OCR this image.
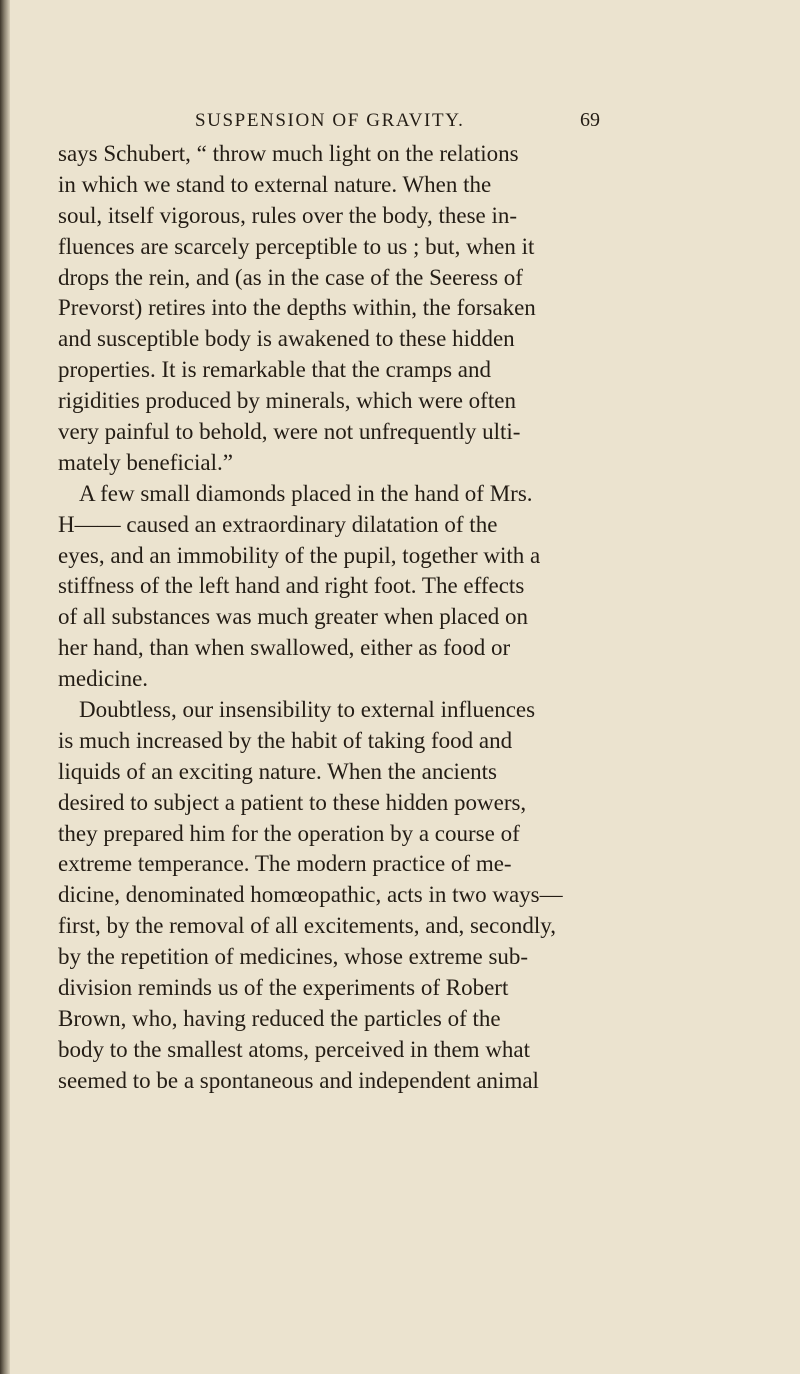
SUSPENSION OF GRAVITY.	69
says Schubert, “ throw much light on the relations
in which we stand to external nature. When the
soul, itself vigorous, rules over the body, these in-
fluences are scarcely perceptible to us ; but, when it
drops the rein, and (as in the case of the Seeress of
Prevorst) retires into the depths within, the forsaken
and susceptible body is awakened to these hidden
properties. It is remarkable that the cramps and
rigidities produced by minerals, which were often
very painful to behold, were not unfrequently ulti-
mately beneficial.”
A few small diamonds placed in the hand of Mrs.
H—— caused an extraordinary dilatation of the
eyes, and an immobility of the pupil, together with a
stiffness of the left hand and right foot. The effects
of all substances was much greater when placed on
her hand, than when swallowed, either as food or
medicine.
Doubtless, our insensibility to external influences
is much increased by the habit of taking food and
liquids of an exciting nature. When the ancients
desired to subject a patient to these hidden powers,
they prepared him for the operation by a course of
extreme temperance. The modern practice of me-
dicine, denominated homœopathic, acts in two ways—
first, by the removal of all excitements, and, secondly,
by the repetition of medicines, whose extreme sub-
division reminds us of the experiments of Robert
Brown, who, having reduced the particles of the
body to the smallest atoms, perceived in them what
seemed to be a spontaneous and independent animal
